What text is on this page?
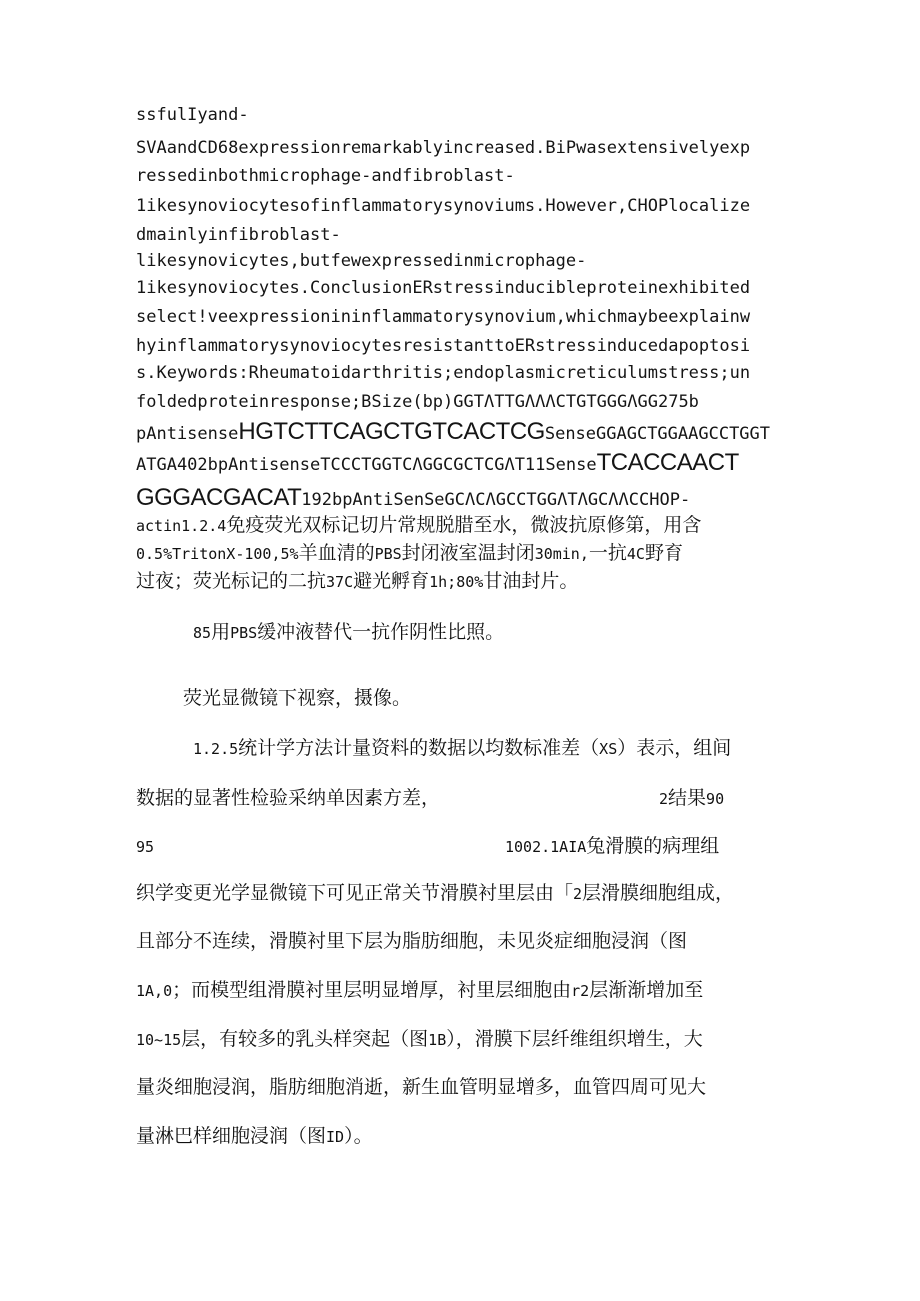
ssfulIyand-
SVAandCD68expressionremarkablyincreased.BiPwasextensivelyexp
ressedinbothmicrophage-andfibroblast-
1ikesynoviocytesofinflammatorysynoviums.However,CHOPlocalize
dmainlyinfibroblast-
likesynovicytes,butfewexpressedinmicrophage-
1ikesynoviocytes.ConclusionERstressinducibleproteinexhibited
select!veexpressionininflammatorysynovium,whichmaybeexplainw
hyinflammatorysynoviocytesresistanttoERstressinducedapoptosi
s.Keywords:Rheumatoidarthritis;endoplasmicreticulumstress;un
foldedproteinresponse;BSize(bp)GGTΛTTGΛΛΛCTGTGGGΛGG275b
pAntisenseHGTCTTCAGCTGTCACTCGSenseGGAGCTGGAAGCCTGGT
ATGA402bpAntisenseTCCCTGGTCΛGGCGCTCGΛT11SenseTCACCAACT
GGGACGACAT192bpAntiSenSeGCΛCΛGCCTGGΛTΛGCΛΛCCHOP-
actin1.2.4免疫荧光双标记切片常规脱腊至水，微波抗原修第，用含
0.5%TritonX-100,5%羊血清的PBS封闭液室温封闭30min,一抗4C野育
过夜；荧光标记的二抗37C避光孵育1h;80%甘油封片。
85用PBS缓冲液替代一抗作阴性比照。
荧光显微镜下视察，摄像。
1.2.5统计学方法计量资料的数据以均数标准差（XS）表示，组间
数据的显著性检验采纳单因素方差，	2结果90
95	1002.1AIA兔滑膜的病理组
织学变更光学显微镜下可见正常关节滑膜衬里层由「2层滑膜细胞组成，
且部分不连续，滑膜衬里下层为脂肪细胞，未见炎症细胞浸润（图
1A,0；而模型组滑膜衬里层明显增厚，衬里层细胞由r2层渐渐增加至
10~15层，有较多的乳头样突起（图1B），滑膜下层纤维组织增生，大
量炎细胞浸润，脂肪细胞消逝，新生血管明显增多，血管四周可见大
量淋巴样细胞浸润（图ID）。
